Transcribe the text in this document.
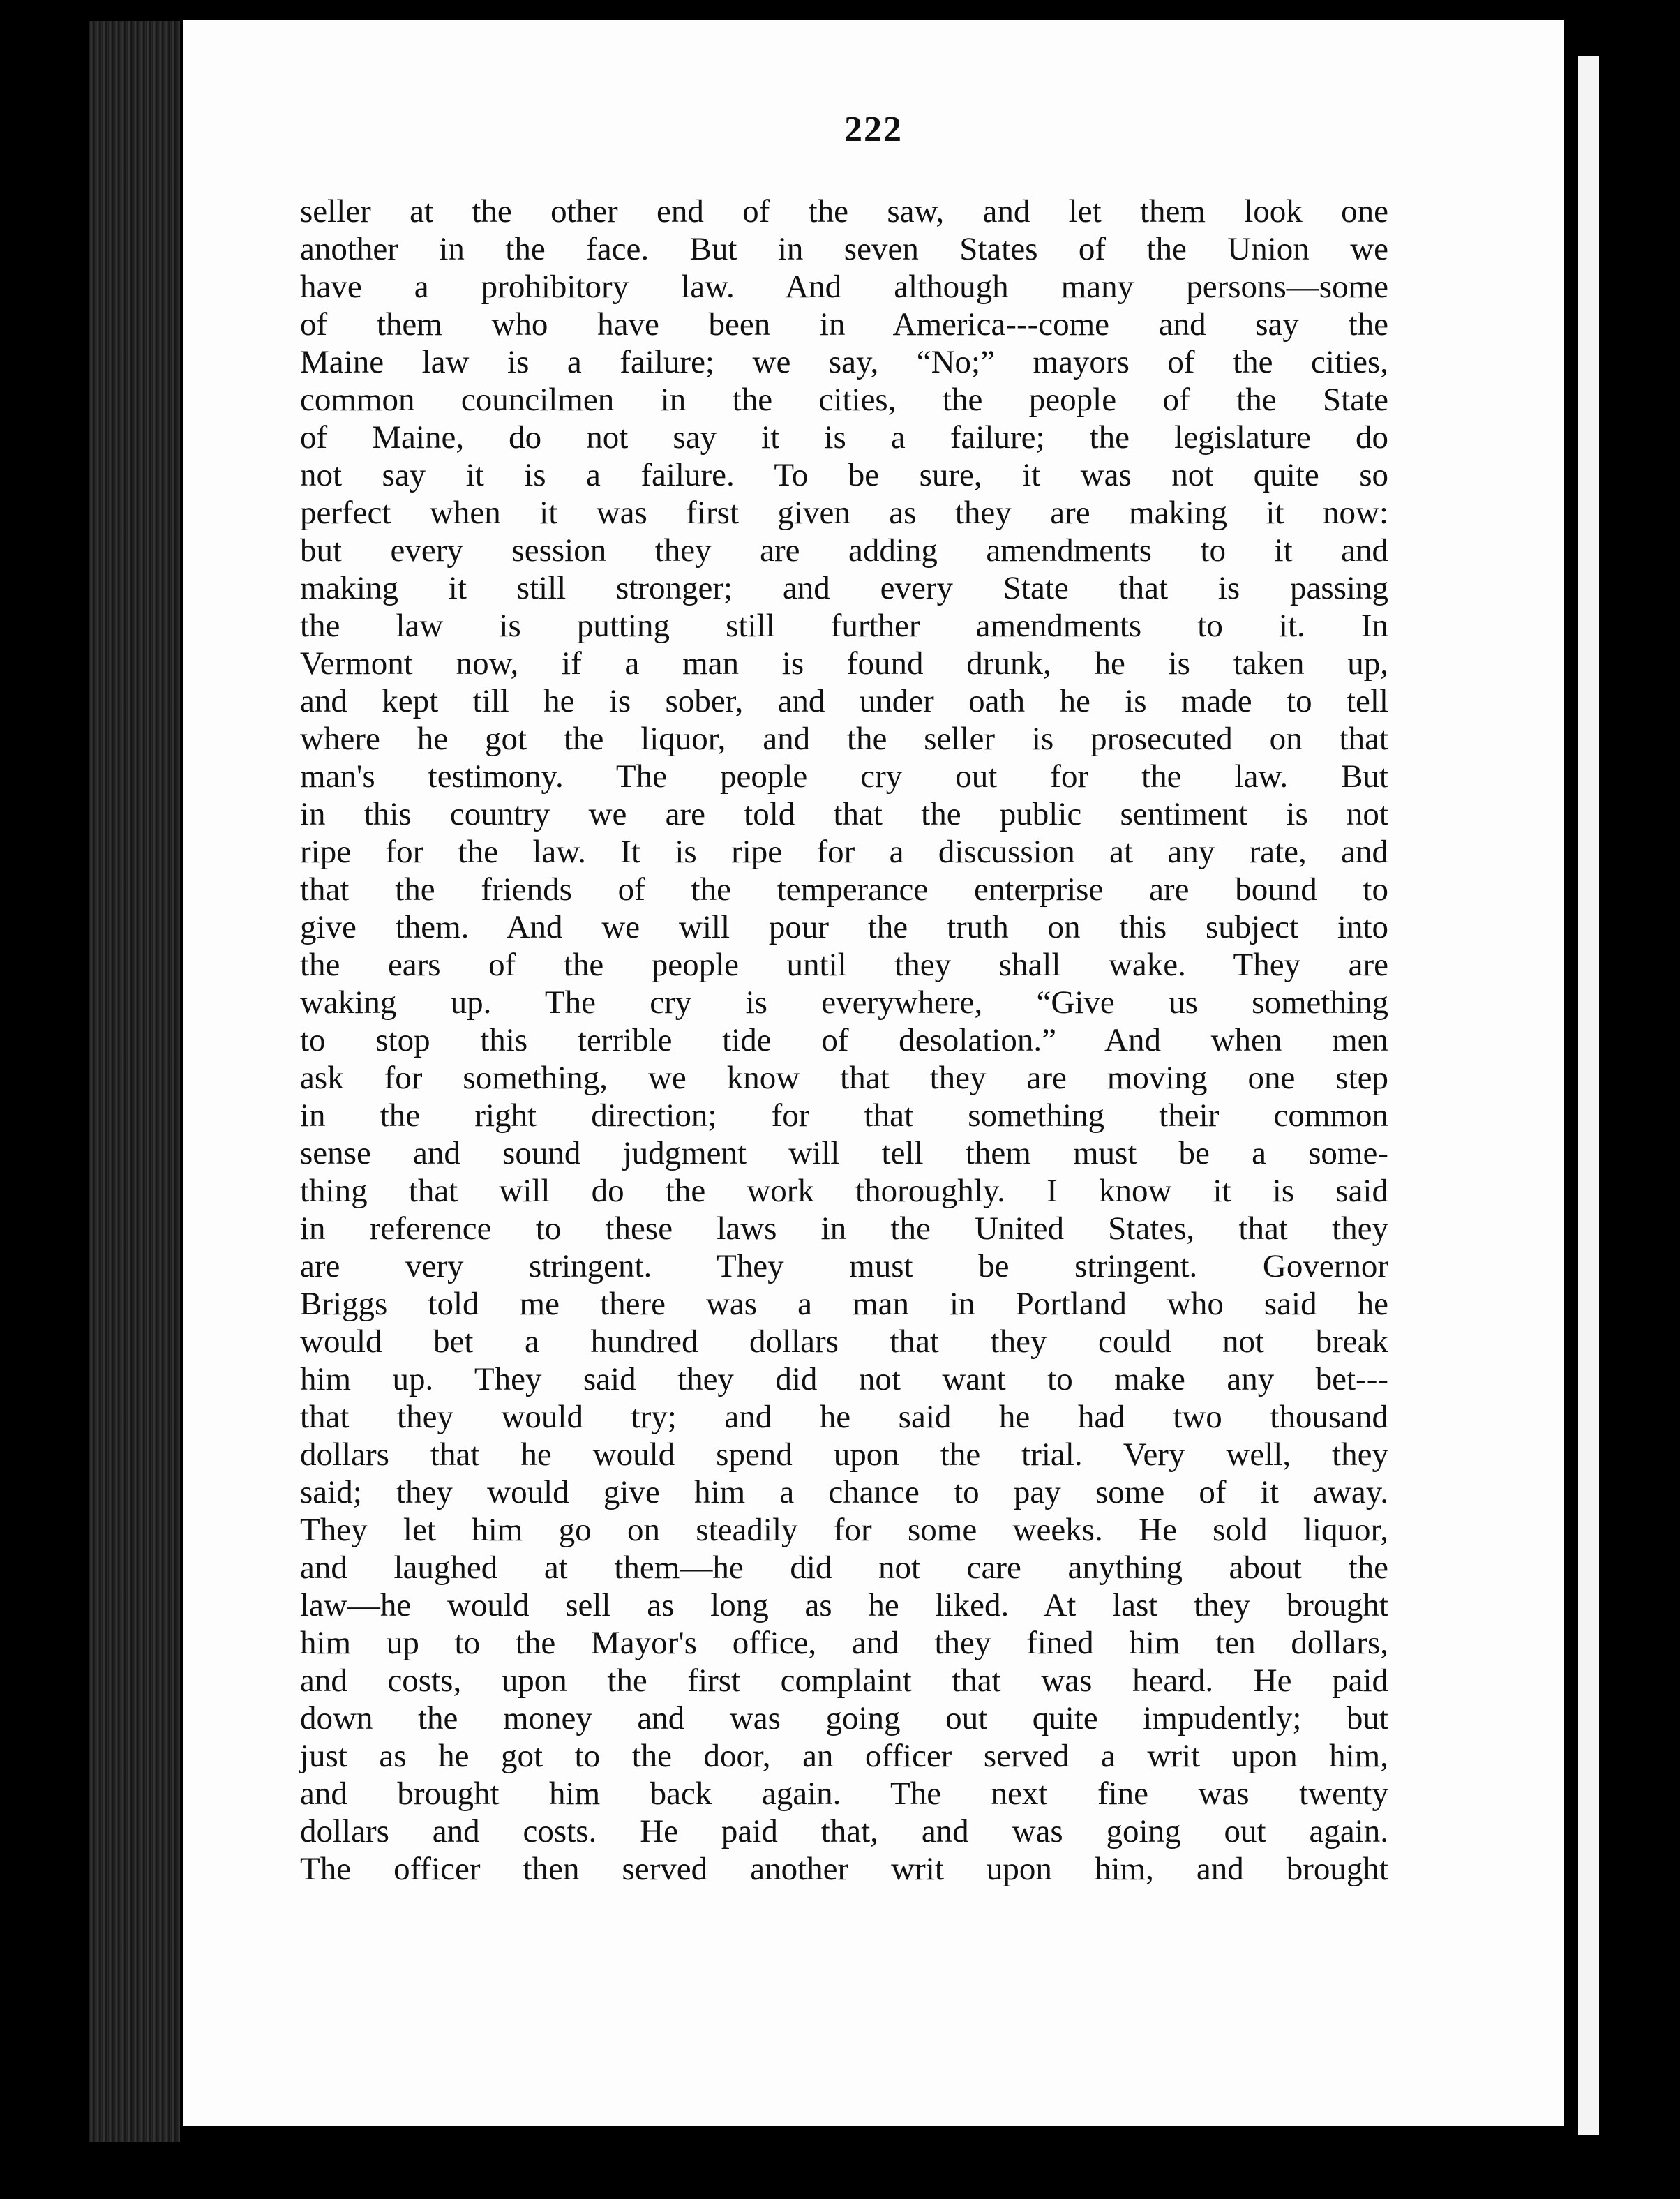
222
seller at the other end of the saw, and let them look one
another in the face. But in seven States of the Union we
have a prohibitory law. And although many persons—some
of them who have been in America---come and say the
Maine law is a failure; we say, “No;” mayors of the cities,
common councilmen in the cities, the people of the State
of Maine, do not say it is a failure; the legislature do
not say it is a failure. To be sure, it was not quite so
perfect when it was first given as they are making it now:
but every session they are adding amendments to it and
making it still stronger; and every State that is passing
the law is putting still further amendments to it. In
Vermont now, if a man is found drunk, he is taken up,
and kept till he is sober, and under oath he is made to tell
where he got the liquor, and the seller is prosecuted on that
man's testimony. The people cry out for the law. But
in this country we are told that the public sentiment is not
ripe for the law. It is ripe for a discussion at any rate, and
that the friends of the temperance enterprise are bound to
give them. And we will pour the truth on this subject into
the ears of the people until they shall wake. They are
waking up. The cry is everywhere, “Give us something
to stop this terrible tide of desolation.” And when men
ask for something, we know that they are moving one step
in the right direction; for that something their common
sense and sound judgment will tell them must be a some-
thing that will do the work thoroughly. I know it is said
in reference to these laws in the United States, that they
are very stringent. They must be stringent. Governor
Briggs told me there was a man in Portland who said he
would bet a hundred dollars that they could not break
him up. They said they did not want to make any bet---
that they would try; and he said he had two thousand
dollars that he would spend upon the trial. Very well, they
said; they would give him a chance to pay some of it away.
They let him go on steadily for some weeks. He sold liquor,
and laughed at them—he did not care anything about the
law—he would sell as long as he liked. At last they brought
him up to the Mayor's office, and they fined him ten dollars,
and costs, upon the first complaint that was heard. He paid
down the money and was going out quite impudently; but
just as he got to the door, an officer served a writ upon him,
and brought him back again. The next fine was twenty
dollars and costs. He paid that, and was going out again.
The officer then served another writ upon him, and brought
